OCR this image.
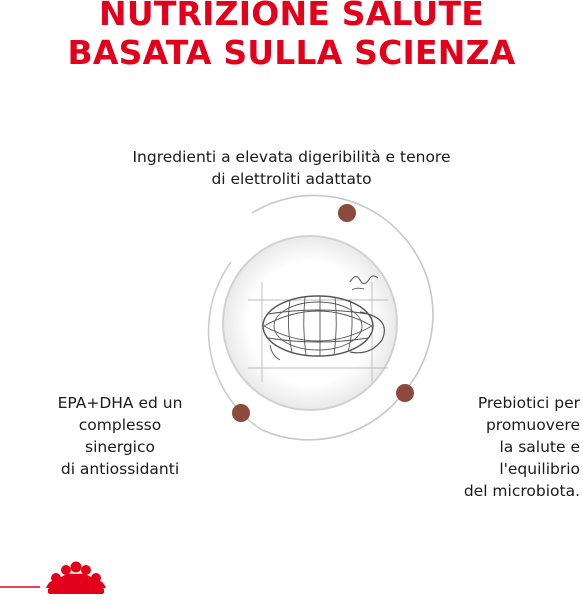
NUTRIZIONE SALUTE
BASATA SULLA SCIENZA

Ingredienti a elevata digeribilità e tenore
di elettroliti adattato

EPA+DHA ed un
complesso
sinergico
di antiossidanti

Prebiotici per
promuovere
la salute e
l'equilibrio
del microbiota.
